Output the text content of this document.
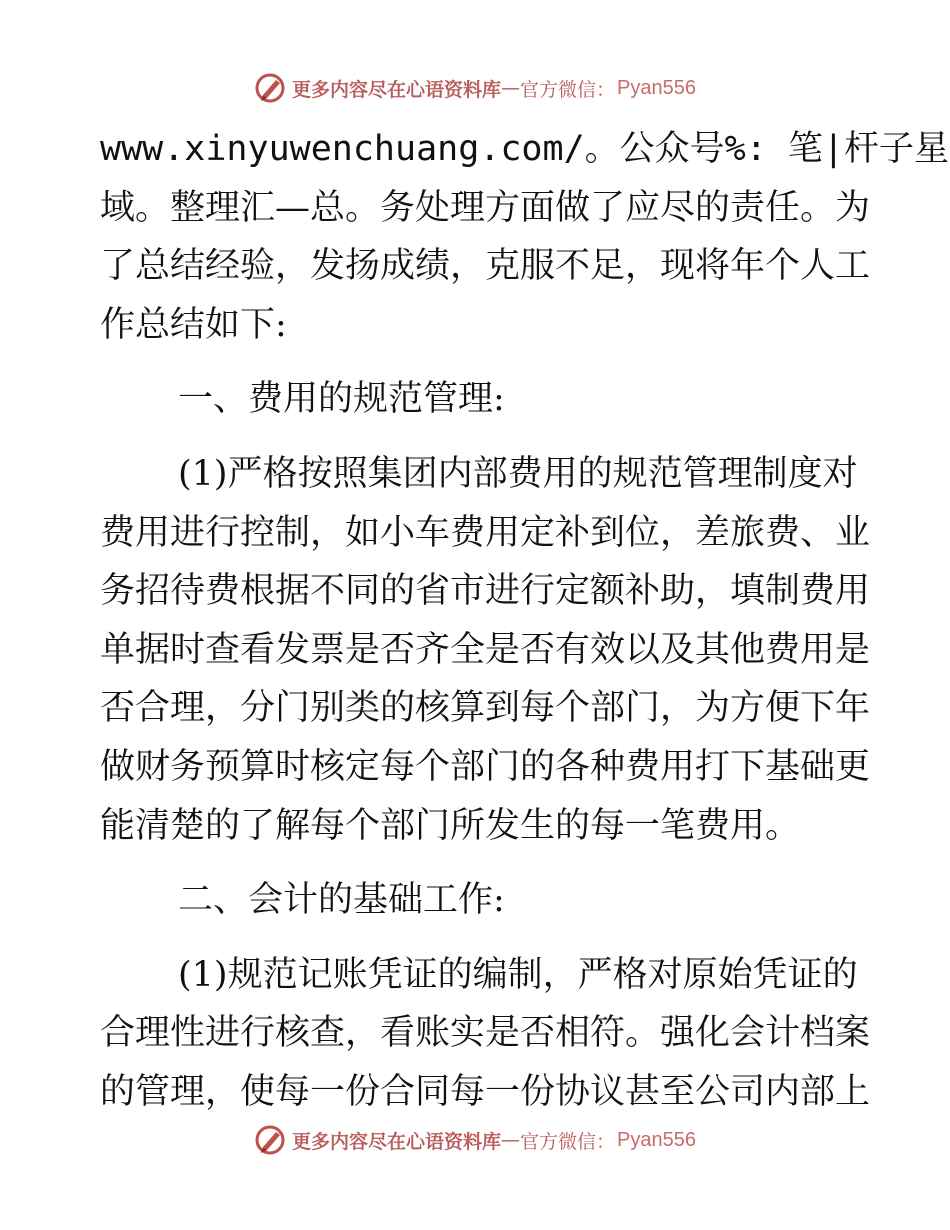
更多内容尽在心语资料库 — 官方微信： Pyan556
www.xinyuwenchuang.com/。公众号%: 笔|杆子星
域。整理汇—总。务处理方面做了应尽的责任。为
了总结经验，发扬成绩，克服不足，现将年个人工
作总结如下:
一、费用的规范管理:
(1)严格按照集团内部费用的规范管理制度对
费用进行控制，如小车费用定补到位，差旅费、业
务招待费根据不同的省市进行定额补助，填制费用
单据时查看发票是否齐全是否有效以及其他费用是
否合理，分门别类的核算到每个部门，为方便下年
做财务预算时核定每个部门的各种费用打下基础更
能清楚的了解每个部门所发生的每一笔费用。
二、会计的基础工作:
(1)规范记账凭证的编制，严格对原始凭证的
合理性进行核查，看账实是否相符。强化会计档案
的管理，使每一份合同每一份协议甚至公司内部上
更多内容尽在心语资料库 — 官方微信： Pyan556
